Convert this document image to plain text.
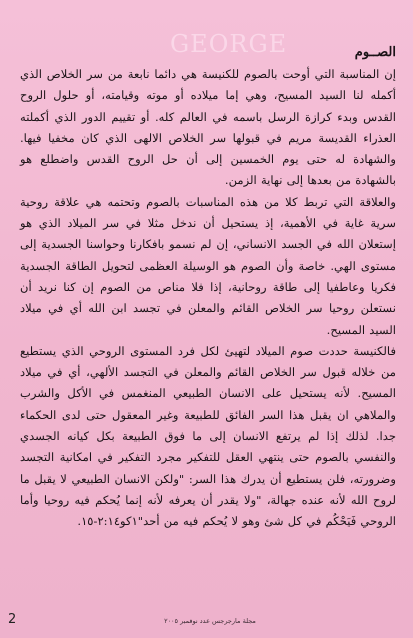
GEORGE	الصــوم

إن المناسبة التي أوحت بالصوم للكنيسة هي دائما نابعة من سر الخلاص الذي أكمله لنا السيد المسيح، وهي إما ميلاده أو موته وقيامته، أو حلول الروح القدس وبدء كرازة الرسل باسمه في العالم كله. أو تقييم الدور الذي أكملته العذراء القديسة مريم في قبولها سر الخلاص الالهى الذي كان مخفيا فيها. والشهادة له حتى يوم الخمسين إلى أن حل الروح القدس واضطلع هو بالشهادة من بعدها إلى نهاية الزمن.

والعلاقة التي تربط كلا من هذه المناسبات بالصوم وتحتمه هي علاقة روحية سرية غاية في الأهمية، إذ يستحيل أن ندخل مثلا في سر الميلاد الذي هو إستعلان الله في الجسد الانساني، إن لم نسمو بافكارنا وحواسنا الجسدية إلى مستوى الهي. خاصة وأن الصوم هو الوسيلة العظمى لتحويل الطاقة الجسدية فكريا وعاطفيا إلى طاقة روحانية، إذا فلا مناص من الصوم إن كنا نريد أن نستعلن روحيا سر الخلاص القائم والمعلن في تجسد ابن الله أي في ميلاد السيد المسيح.

فالكنيسة حددت صوم الميلاد لتهيئ لكل فرد المستوى الروحي الذي يستطيع من خلاله قبول سر الخلاص القائم والمعلن في التجسد الألهي، أي في ميلاد المسيح. لأنه يستحيل على الانسان الطبيعي المنغمس في الأكل والشرب والملاهي ان يقبل هذا السر الفائق للطبيعة وغير المعقول حتى لدى الحكماء جدا. لذلك إذا لم يرتفع الانسان إلى ما فوق الطبيعة بكل كيانه الجسدي والنفسي بالصوم حتى ينتهي العقل للتفكير مجرد التفكير في امكانية التجسد وضرورته، فلن يستطيع أن يدرك هذا السر: "ولكن الانسان الطبيعي لا يقبل ما لروح الله لأنه عنده جهالة، "ولا يقدر أن يعرفه لأنه إنما يُحكم فيه روحيا وأما الروحي فَيَحْكُم في كل شئ وهو لا يُحكم فيه من أحد"١كو٢:١٤-١٥.

2	مجلة مارجرجس عدد نوفمبر ٢٠٠٥
